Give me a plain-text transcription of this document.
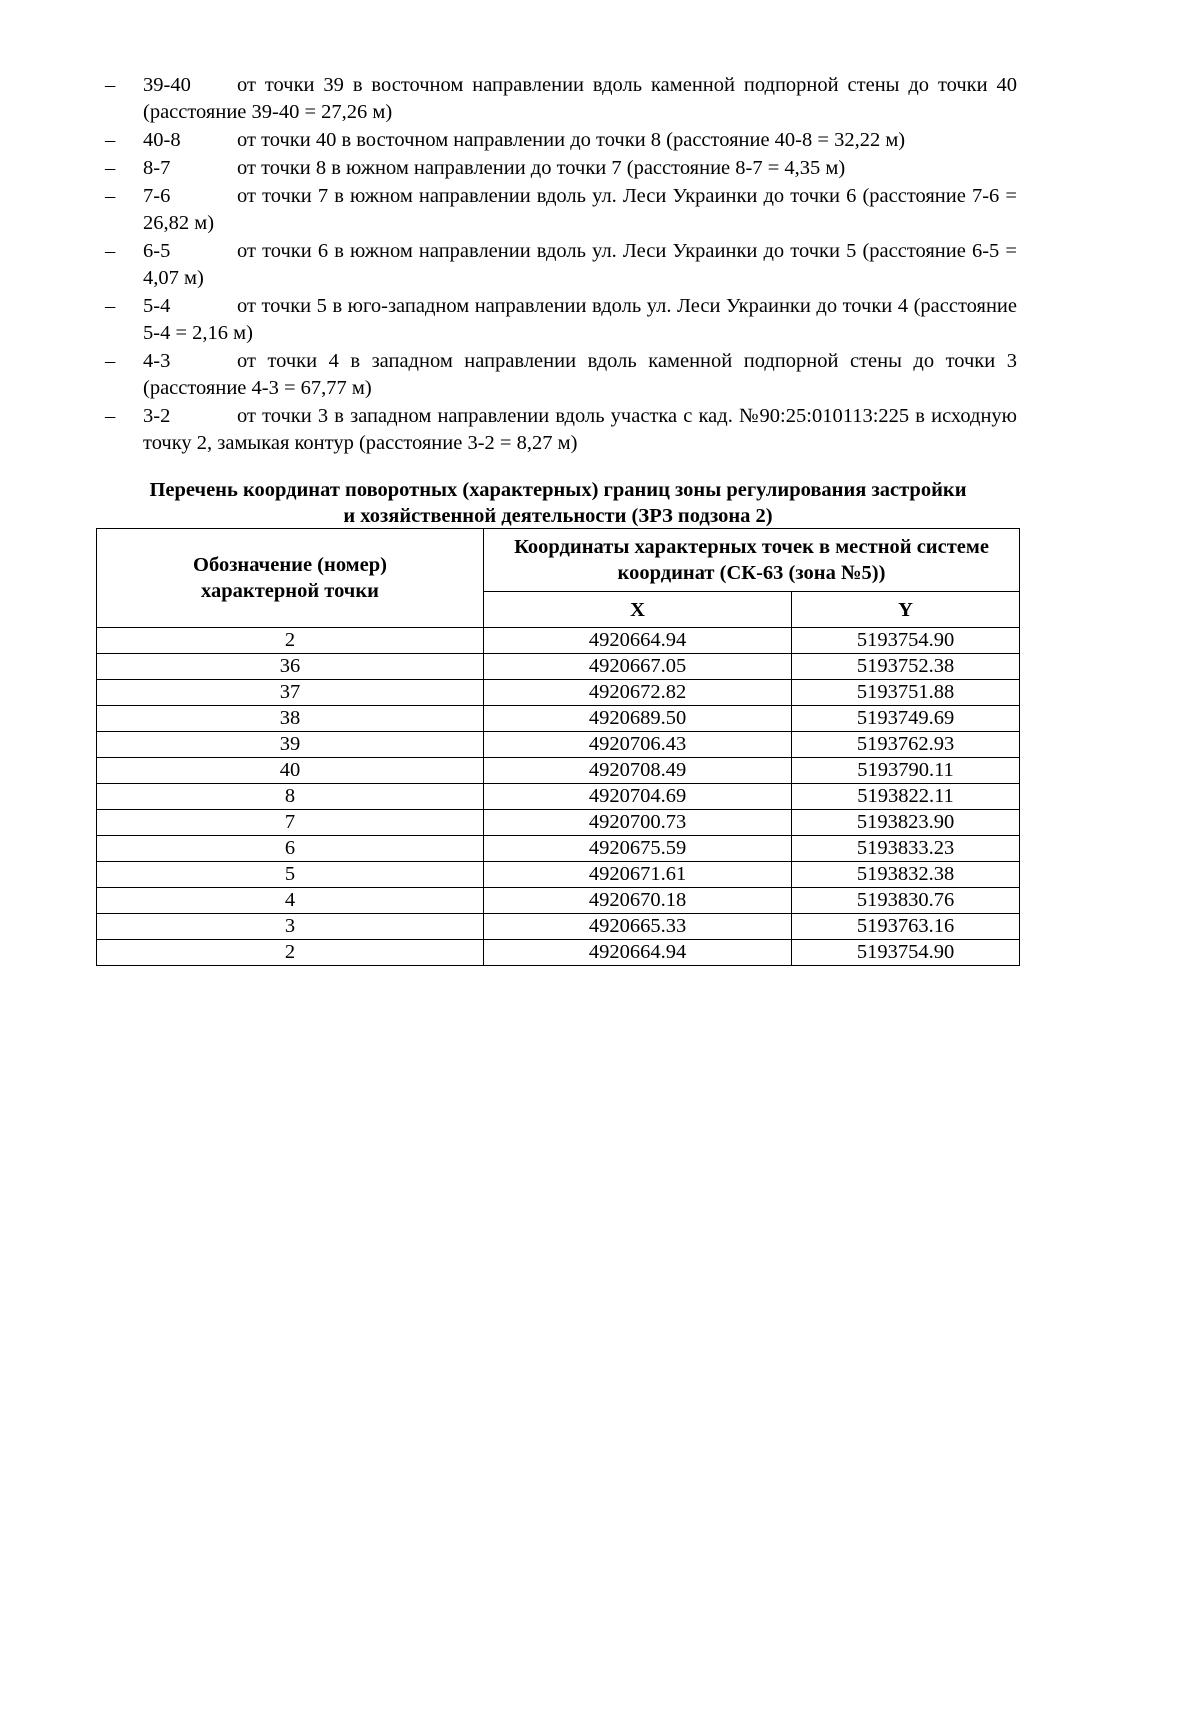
– 39-40 от точки 39 в восточном направлении вдоль каменной подпорной стены до точки 40 (расстояние 39-40 = 27,26 м)
– 40-8	от точки 40 в восточном направлении до точки 8 (расстояние 40-8 = 32,22 м)
– 8-7	от точки 8 в южном направлении до точки 7 (расстояние 8-7 = 4,35 м)
– 7-6	от точки 7 в южном направлении вдоль ул. Леси Украинки до точки 6 (расстояние 7-6 = 26,82 м)
– 6-5	от точки 6 в южном направлении вдоль ул. Леси Украинки до точки 5 (расстояние 6-5 = 4,07 м)
– 5-4	от точки 5 в юго-западном направлении вдоль ул. Леси Украинки до точки 4 (расстояние 5-4 = 2,16 м)
– 4-3	от точки 4 в западном направлении вдоль каменной подпорной стены до точки 3 (расстояние 4-3 = 67,77 м)
– 3-2	от точки 3 в западном направлении вдоль участка с кад. №90:25:010113:225 в исходную точку 2, замыкая контур (расстояние 3-2 = 8,27 м)
Перечень координат поворотных (характерных) границ зоны регулирования застройки
и хозяйственной деятельности (ЗРЗ подзона 2)
Обозначение (номер) характерной точки	Координаты характерных точек в местной системе координат (СК-63 (зона №5))	
	X	Y
2	4920664.94	5193754.90
36	4920667.05	5193752.38
37	4920672.82	5193751.88
38	4920689.50	5193749.69
39	4920706.43	5193762.93
40	4920708.49	5193790.11
8	4920704.69	5193822.11
7	4920700.73	5193823.90
6	4920675.59	5193833.23
5	4920671.61	5193832.38
4	4920670.18	5193830.76
3	4920665.33	5193763.16
2	4920664.94	5193754.90
